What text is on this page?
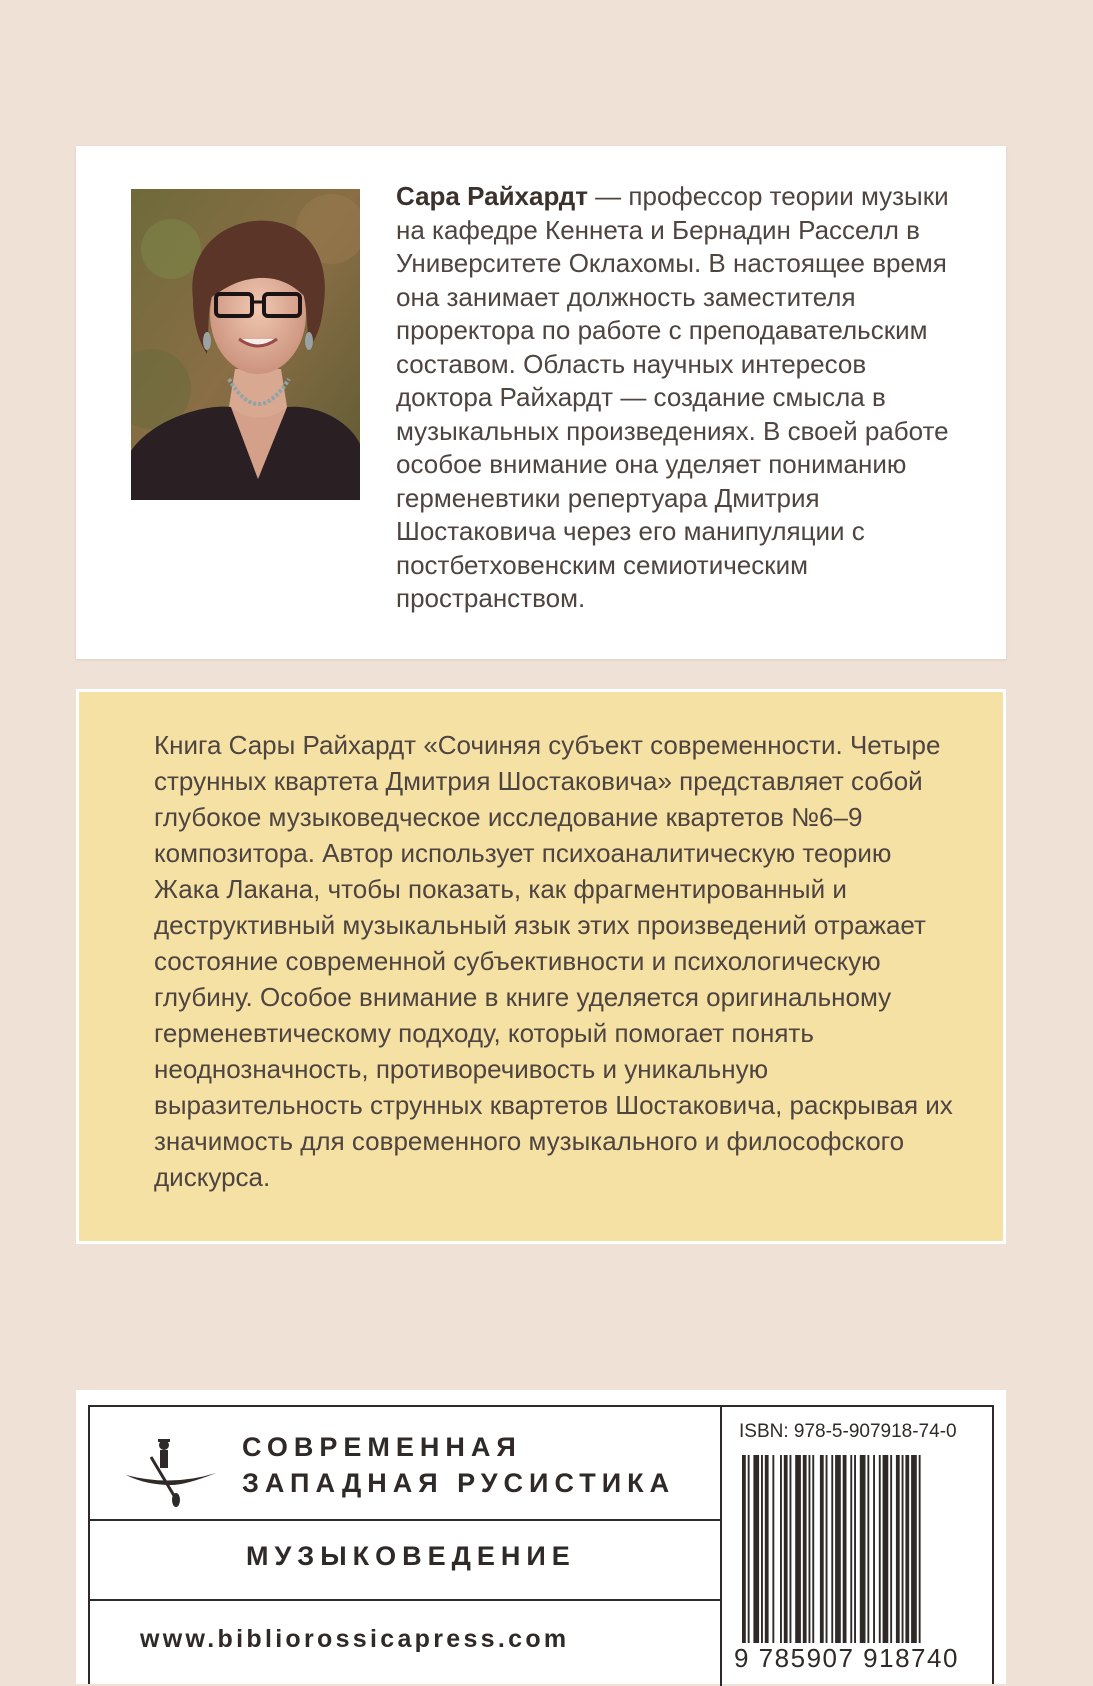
Сара Райхардт — профессор теории музыки на кафедре Кеннета и Бернадин Расселл в Университете Оклахомы. В настоящее время она занимает должность заместителя проректора по работе с преподавательским составом. Область научных интересов доктора Райхардт — создание смысла в музыкальных произведениях. В своей работе особое внимание она уделяет пониманию герменевтики репертуара Дмитрия Шостаковича через его манипуляции с постбетховенским семиотическим пространством.
Книга Сары Райхардт «Сочиняя субъект современности. Четыре струнных квартета Дмитрия Шостаковича» представляет собой глубокое музыковедческое исследование квартетов №6–9 композитора. Автор использует психоаналитическую теорию Жака Лакана, чтобы показать, как фрагментированный и деструктивный музыкальный язык этих произведений отражает состояние современной субъективности и психологическую глубину. Особое внимание в книге уделяется оригинальному герменевтическому подходу, который помогает понять неоднозначность, противоречивость и уникальную выразительность струнных квартетов Шостаковича, раскрывая их значимость для современного музыкального и философского дискурса.
СОВРЕМЕННАЯ
ЗАПАДНАЯ РУСИСТИКА
МУЗЫКОВЕДЕНИЕ
www.bibliorossicapress.com
ISBN: 978-5-907918-74-0
9 785907 918740
